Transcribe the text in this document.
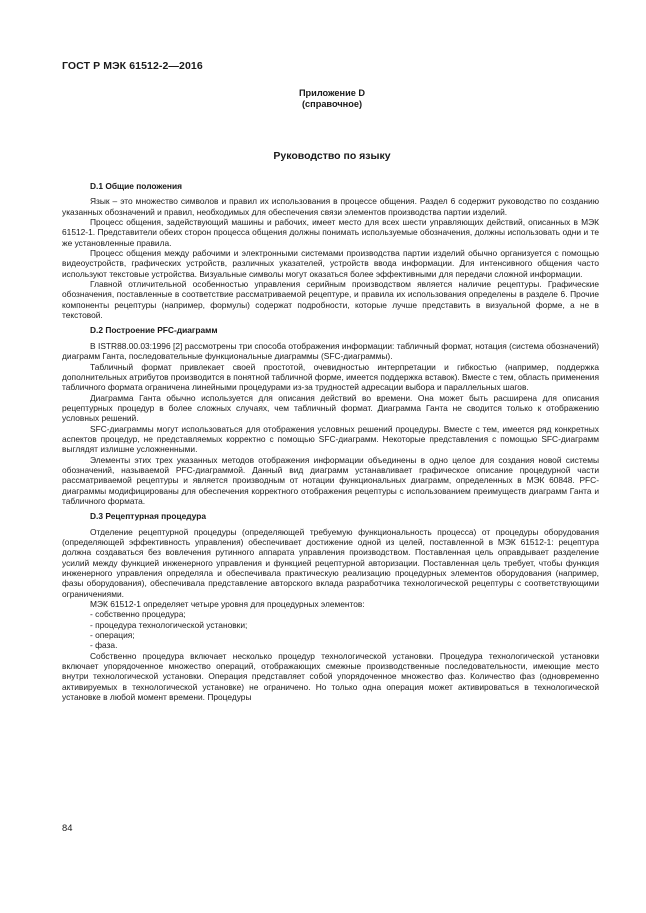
ГОСТ Р МЭК 61512-2—2016
Приложение D
(справочное)
Руководство по языку
D.1 Общие положения

Язык – это множество символов и правил их использования в процессе общения. Раздел 6 содержит руководство по созданию указанных обозначений и правил, необходимых для обеспечения связи элементов производства партии изделий.

Процесс общения, задействующий машины и рабочих, имеет место для всех шести управляющих действий, описанных в МЭК 61512-1. Представители обеих сторон процесса общения должны понимать используемые обозначения, должны использовать одни и те же установленные правила.

Процесс общения между рабочими и электронными системами производства партии изделий обычно организуется с помощью видеоустройств, графических устройств, различных указателей, устройств ввода информации. Для интенсивного общения часто используют текстовые устройства. Визуальные символы могут оказаться более эффективными для передачи сложной информации.

Главной отличительной особенностью управления серийным производством является наличие рецептуры. Графические обозначения, поставленные в соответствие рассматриваемой рецептуре, и правила их использования определены в разделе 6. Прочие компоненты рецептуры (например, формулы) содержат подробности, которые лучше представить в визуальной форме, а не в текстовой.

D.2 Построение PFC-диаграмм

В ISTR88.00.03:1996 [2] рассмотрены три способа отображения информации: табличный формат, нотация (система обозначений) диаграмм Ганта, последовательные функциональные диаграммы (SFC-диаграммы).

Табличный формат привлекает своей простотой, очевидностью интерпретации и гибкостью (например, поддержка дополнительных атрибутов производится в понятной табличной форме, имеется поддержка вставок). Вместе с тем, область применения табличного формата ограничена линейными процедурами из-за трудностей адресации выбора и параллельных шагов.

Диаграмма Ганта обычно используется для описания действий во времени. Она может быть расширена для описания рецептурных процедур в более сложных случаях, чем табличный формат. Диаграмма Ганта не сводится только к отображению условных решений.

SFC-диаграммы могут использоваться для отображения условных решений процедуры. Вместе с тем, имеется ряд конкретных аспектов процедур, не представляемых корректно с помощью SFC-диаграмм. Некоторые представления с помощью SFC-диаграмм выглядят излишне усложненными.

Элементы этих трех указанных методов отображения информации объединены в одно целое для создания новой системы обозначений, называемой PFC-диаграммой. Данный вид диаграмм устанавливает графическое описание процедурной части рассматриваемой рецептуры и является производным от нотации функциональных диаграмм, определенных в МЭК 60848. PFC-диаграммы модифицированы для обеспечения корректного отображения рецептуры с использованием преимуществ диаграмм Ганта и табличного формата.

D.3 Рецептурная процедура

Отделение рецептурной процедуры (определяющей требуемую функциональность процесса) от процедуры оборудования (определяющей эффективность управления) обеспечивает достижение одной из целей, поставленной в МЭК 61512-1: рецептура должна создаваться без вовлечения рутинного аппарата управления производством. Поставленная цель оправдывает разделение усилий между функцией инженерного управления и функцией рецептурной авторизации. Поставленная цель требует, чтобы функция инженерного управления определяла и обеспечивала практическую реализацию процедурных элементов оборудования (например, фазы оборудования), обеспечивала представление авторского вклада разработчика технологической рецептуры с соответствующими ограничениями.

МЭК 61512-1 определяет четыре уровня для процедурных элементов:

- собственно процедура;

- процедура технологической установки;

- операция;

- фаза.

Собственно процедура включает несколько процедур технологической установки. Процедура технологической установки включает упорядоченное множество операций, отображающих смежные производственные последовательности, имеющие место внутри технологической установки. Операция представляет собой упорядоченное множество фаз. Количество фаз (одновременно активируемых в технологической установке) не ограничено. Но только одна операция может активироваться в технологической установке в любой момент времени. Процедуры

84
